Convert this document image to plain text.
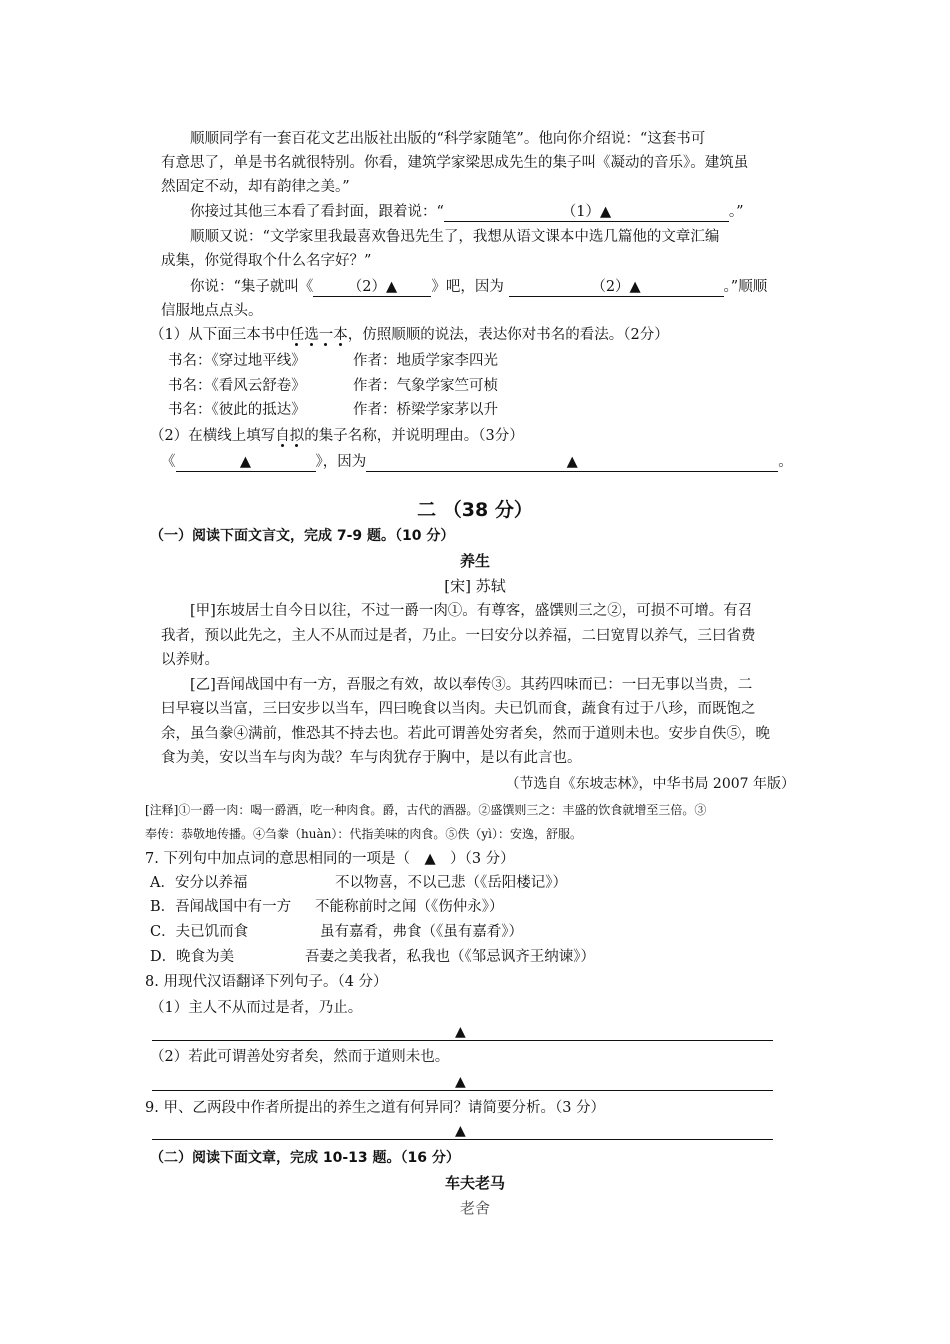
顺顺同学有一套百花文艺出版社出版的“科学家随笔”。他向你介绍说：“这套书可
有意思了，单是书名就很特别。你看，建筑学家梁思成先生的集子叫《凝动的音乐》。建筑虽
然固定不动，却有韵律之美。”
你接过其他三本看了看封面，跟着说：“	（1）▲	。”
顺顺又说：“文学家里我最喜欢鲁迅先生了，我想从语文课本中选几篇他的文章汇编
成集，你觉得取个什么名字好？”
你说：“集子就叫《 （2）▲ 》吧，因为	（2）▲	。”顺顺
信服地点点头。
（1）从下面三本书中任选一本，仿照顺顺的说法，表达你对书名的看法。（2分）
书名：《穿过地平线》	作者：地质学家李四光
书名：《看风云舒卷》	作者：气象学家竺可桢
书名：《彼此的抵达》	作者：桥梁学家茅以升
（2）在横线上填写自拟的集子名称，并说明理由。（3分）
《	▲	》，因为	▲	。
二 （38 分）
（一）阅读下面文言文，完成 7-9 题。（10 分）
养生
[宋] 苏轼
[甲]东坡居士自今日以往，不过一爵一肉①。有尊客，盛馔则三之②，可损不可增。有召
我者，预以此先之，主人不从而过是者，乃止。一曰安分以养福，二曰宽胃以养气，三曰省费
以养财。
[乙]吾闻战国中有一方，吾服之有效，故以奉传③。其药四味而已：一曰无事以当贵，二
曰早寝以当富，三曰安步以当车，四曰晚食以当肉。夫已饥而食，蔬食有过于八珍，而既饱之
余，虽刍豢④满前，惟恐其不持去也。若此可谓善处穷者矣，然而于道则未也。安步自佚⑤，晚
食为美，安以当车与肉为哉？车与肉犹存于胸中，是以有此言也。
（节选自《东坡志林》，中华书局 2007 年版）
[注释]①一爵一肉：喝一爵酒，吃一种肉食。爵，古代的酒器。②盛馔则三之：丰盛的饮食就增至三倍。③
奉传：恭敬地传播。④刍豢（huàn）：代指美味的肉食。⑤佚（yì）：安逸，舒服。
7. 下列句中加点词的意思相同的一项是（　▲　）（3 分）
A．安分以养福	不以物喜，不以己悲（《岳阳楼记》）
B．吾闻战国中有一方 不能称前时之闻（《伤仲永》）
C．夫已饥而食	虽有嘉肴，弗食（《虽有嘉肴》）
D．晚食为美	吾妻之美我者，私我也（《邹忌讽齐王纳谏》）
8. 用现代汉语翻译下列句子。（4 分）
（1）主人不从而过是者，乃止。
▲
（2）若此可谓善处穷者矣，然而于道则未也。
▲
9. 甲、乙两段中作者所提出的养生之道有何异同？请简要分析。（3 分）
▲
（二）阅读下面文章，完成 10-13 题。（16 分）
车夫老马
老舍
